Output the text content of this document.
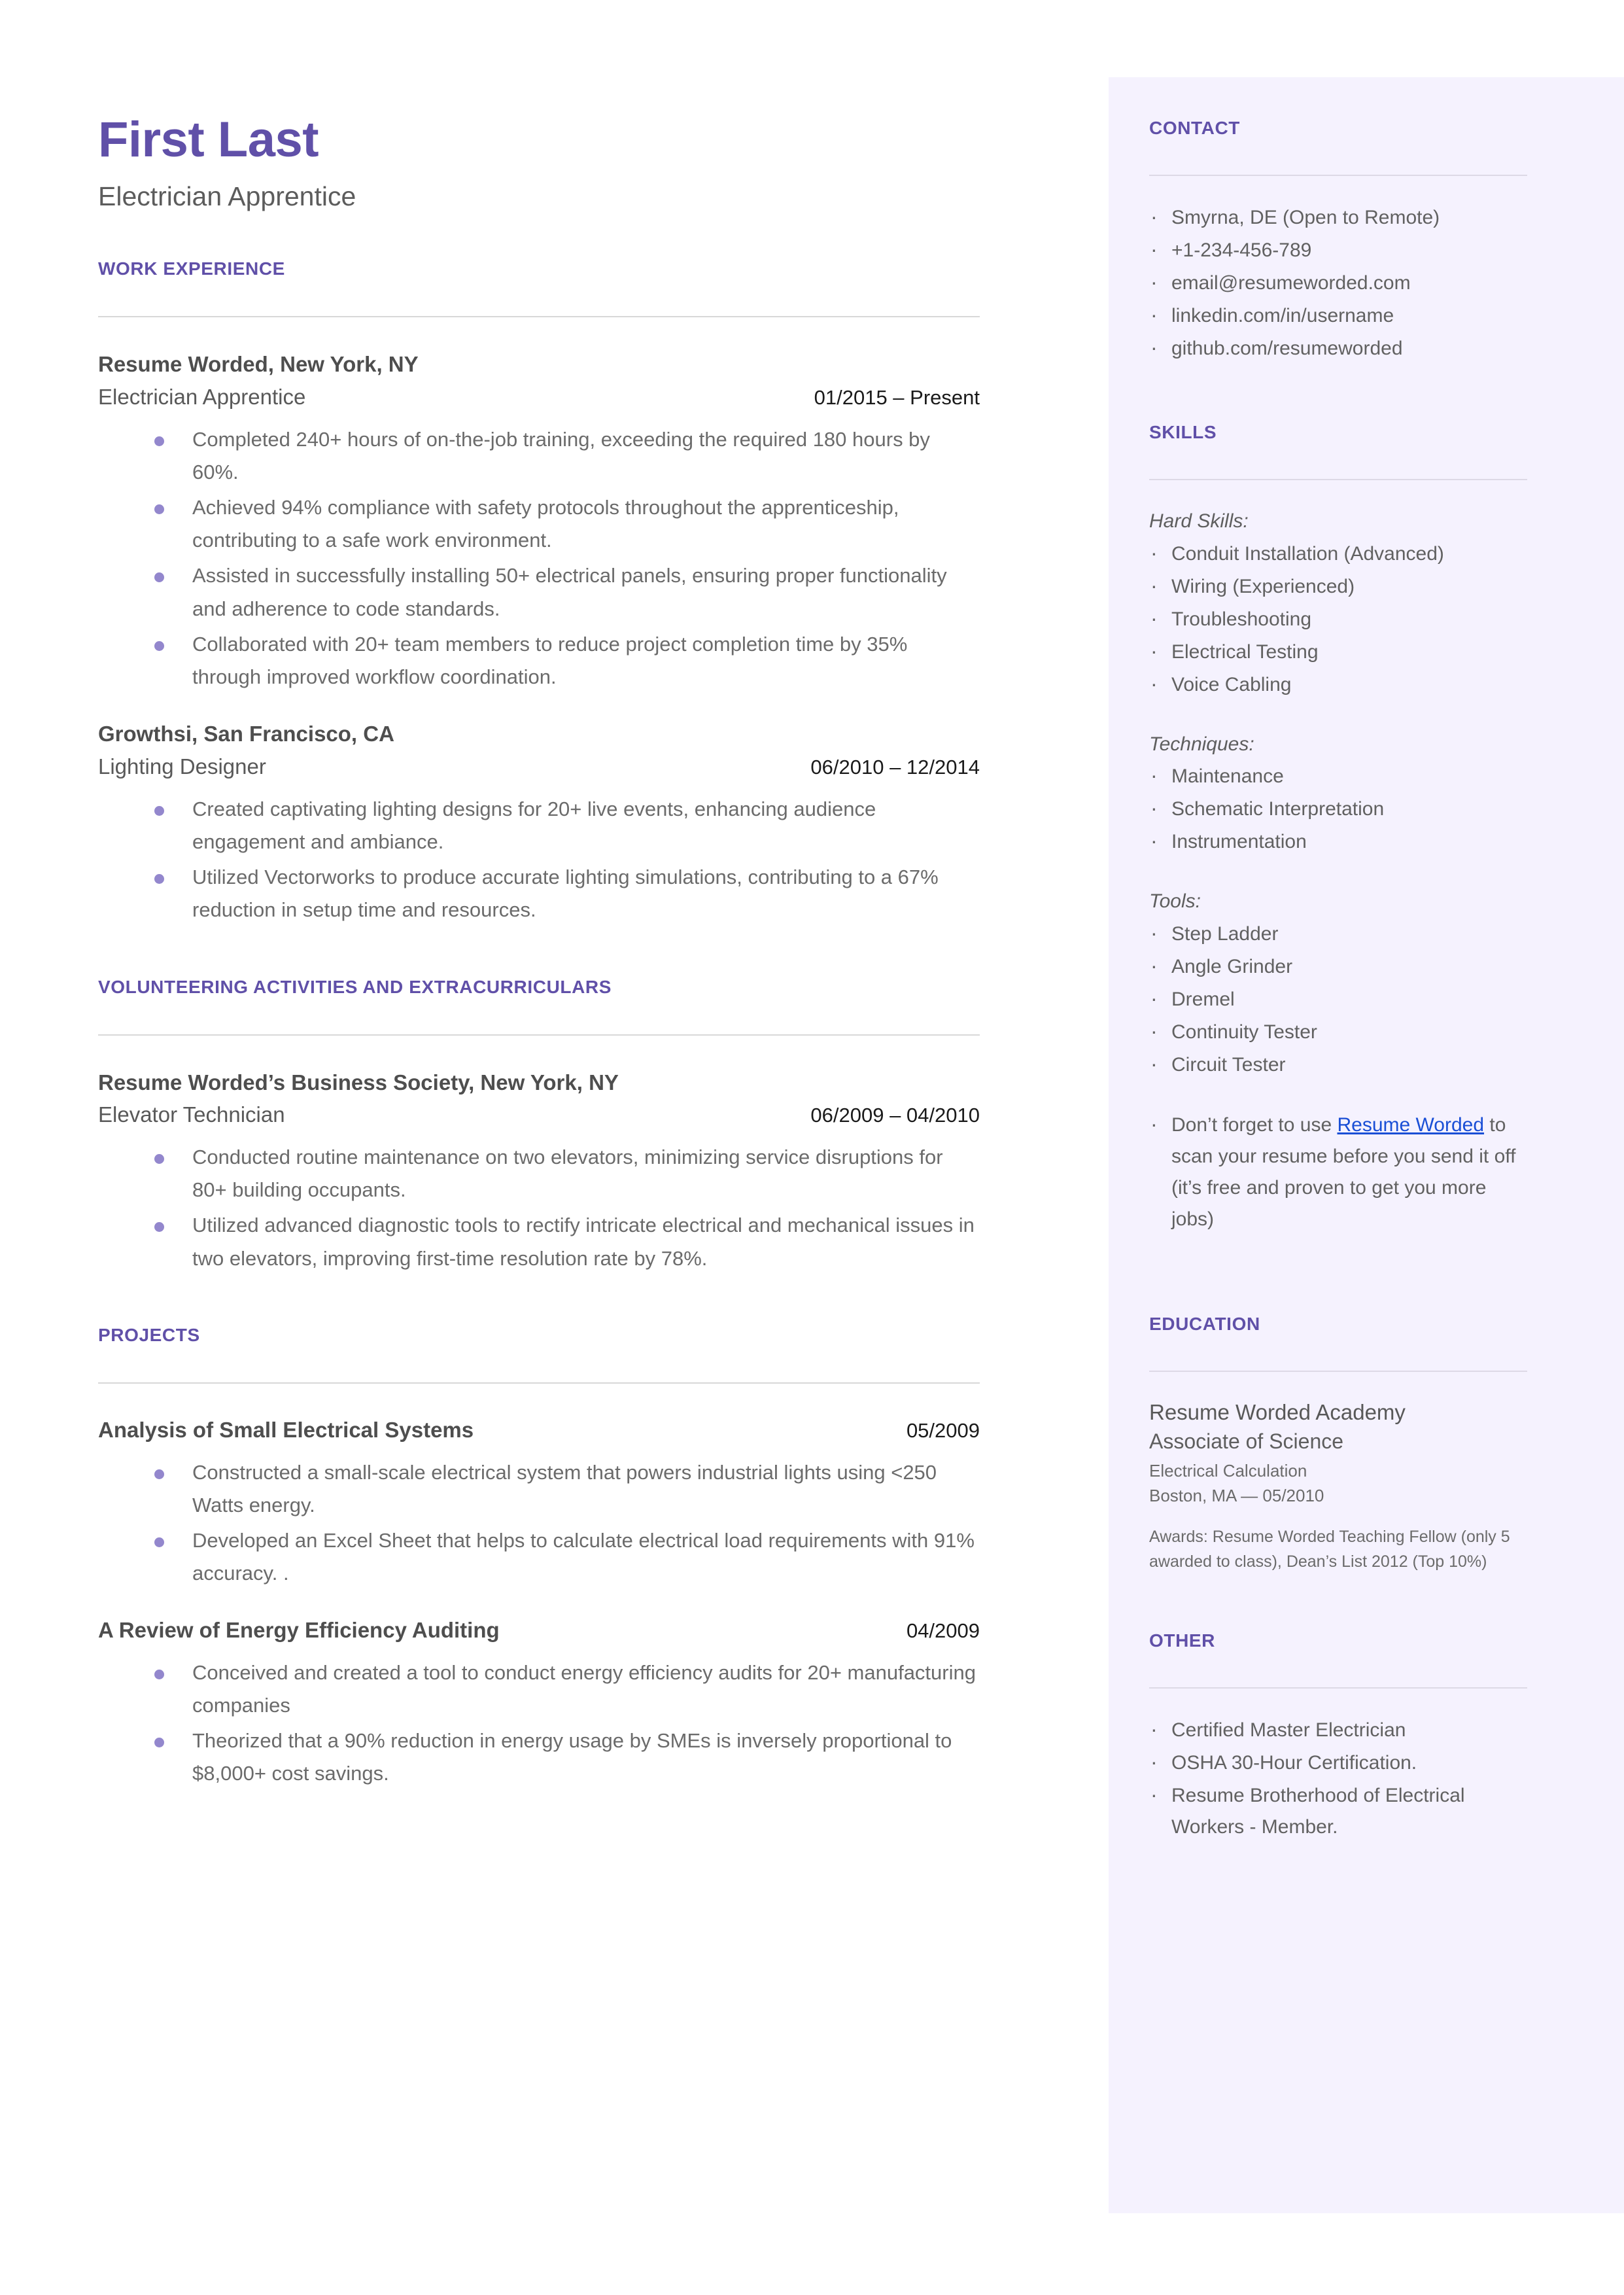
First Last
Electrician Apprentice
WORK EXPERIENCE
Resume Worded, New York, NY
Electrician Apprentice	01/2015 – Present
Completed 240+ hours of on-the-job training, exceeding the required 180 hours by 60%.
Achieved 94% compliance with safety protocols throughout the apprenticeship, contributing to a safe work environment.
Assisted in successfully installing 50+ electrical panels, ensuring proper functionality and adherence to code standards.
Collaborated with 20+ team members to reduce project completion time by 35% through improved workflow coordination.
Growthsi, San Francisco, CA
Lighting Designer	06/2010 – 12/2014
Created captivating lighting designs for 20+ live events, enhancing audience engagement and ambiance.
Utilized Vectorworks to produce accurate lighting simulations, contributing to a 67% reduction in setup time and resources.
VOLUNTEERING ACTIVITIES AND EXTRACURRICULARS
Resume Worded’s Business Society, New York, NY
Elevator Technician	06/2009 – 04/2010
Conducted routine maintenance on two elevators, minimizing service disruptions for 80+ building occupants.
Utilized advanced diagnostic tools to rectify intricate electrical and mechanical issues in two elevators, improving first-time resolution rate by 78%.
PROJECTS
Analysis of Small Electrical Systems	05/2009
Constructed a small-scale electrical system that powers industrial lights using <250 Watts energy.
Developed an Excel Sheet that helps to calculate electrical load requirements with 91% accuracy. .
A Review of Energy Efficiency Auditing	04/2009
Conceived and created a tool to conduct energy efficiency audits for 20+ manufacturing companies
Theorized that a 90% reduction in energy usage by SMEs is inversely proportional to $8,000+ cost savings.
CONTACT
· Smyrna, DE (Open to Remote)
· +1-234-456-789
· email@resumeworded.com
· linkedin.com/in/username
· github.com/resumeworded
SKILLS
Hard Skills:
· Conduit Installation (Advanced)
· Wiring (Experienced)
· Troubleshooting
· Electrical Testing
· Voice Cabling
Techniques:
· Maintenance
· Schematic Interpretation
· Instrumentation
Tools:
· Step Ladder
· Angle Grinder
· Dremel
· Continuity Tester
· Circuit Tester
· Don’t forget to use Resume Worded to scan your resume before you send it off (it’s free and proven to get you more jobs)
EDUCATION
Resume Worded Academy
Associate of Science
Electrical Calculation
Boston, MA — 05/2010
Awards: Resume Worded Teaching Fellow (only 5 awarded to class), Dean’s List 2012 (Top 10%)
OTHER
· Certified Master Electrician
· OSHA 30-Hour Certification.
· Resume Brotherhood of Electrical Workers - Member.
